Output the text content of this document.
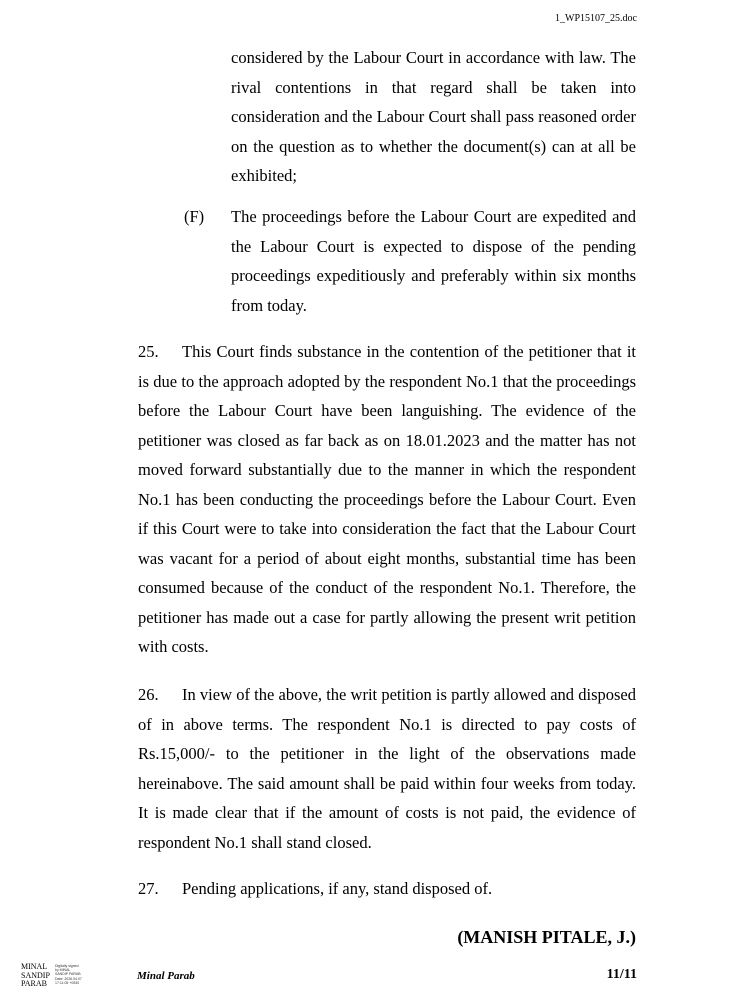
1_WP15107_25.doc

considered by the Labour Court in accordance with law. The rival contentions in that regard shall be taken into consideration and the Labour Court shall pass reasoned order on the question as to whether the document(s) can at all be exhibited;

(F) The proceedings before the Labour Court are expedited and the Labour Court is expected to dispose of the pending proceedings expeditiously and preferably within six months from today.

25. This Court finds substance in the contention of the petitioner that it is due to the approach adopted by the respondent No.1 that the proceedings before the Labour Court have been languishing. The evidence of the petitioner was closed as far back as on 18.01.2023 and the matter has not moved forward substantially due to the manner in which the respondent No.1 has been conducting the proceedings before the Labour Court. Even if this Court were to take into consideration the fact that the Labour Court was vacant for a period of about eight months, substantial time has been consumed because of the conduct of the respondent No.1. Therefore, the petitioner has made out a case for partly allowing the present writ petition with costs.

26. In view of the above, the writ petition is partly allowed and disposed of in above terms. The respondent No.1 is directed to pay costs of Rs.15,000/- to the petitioner in the light of the observations made hereinabove. The said amount shall be paid within four weeks from today. It is made clear that if the amount of costs is not paid, the evidence of respondent No.1 shall stand closed.

27. Pending applications, if any, stand disposed of.

(MANISH PITALE, J.)
MINAL
SANDIP
PARAB
Digitally signed
by MINAL
SANDIP PARAB
Date: 2026.04.07
17:11:05 +0530
Minal Parab	11/11
